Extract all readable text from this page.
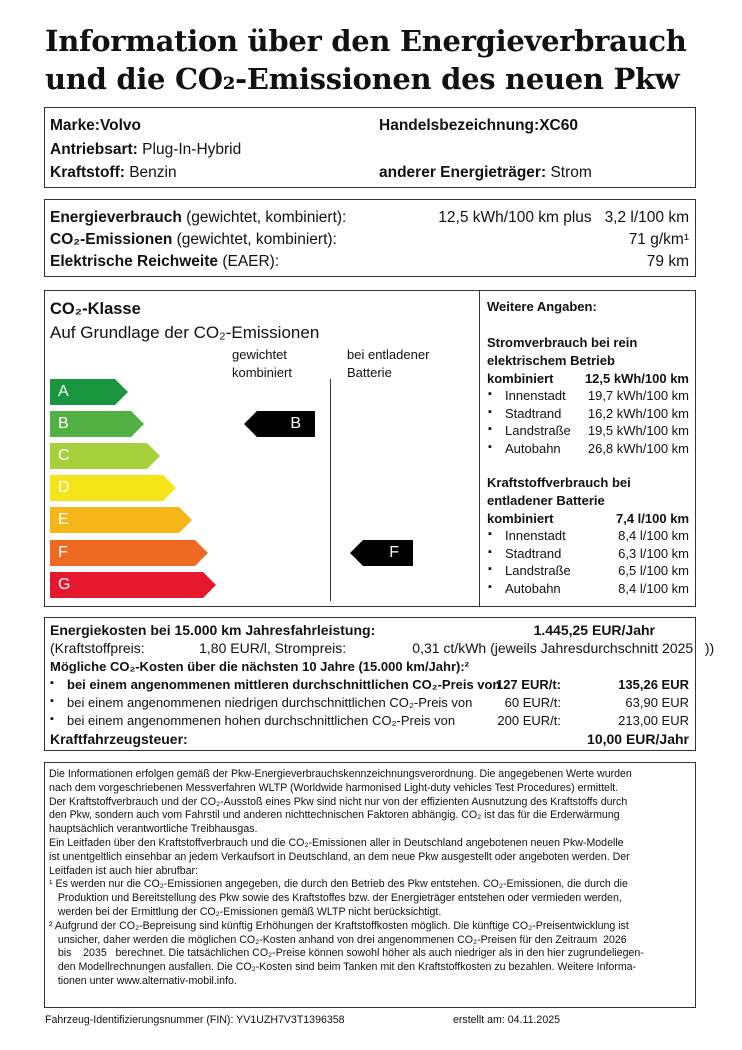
Information über den Energieverbrauch
und die CO₂-Emissionen des neuen Pkw
Marke:Volvo	Handelsbezeichnung:XC60
Antriebsart: Plug-In-Hybrid
Kraftstoff: Benzin	anderer Energieträger: Strom
Energieverbrauch (gewichtet, kombiniert):	12,5 kWh/100 km plus   3,2 l/100 km
CO₂-Emissionen (gewichtet, kombiniert):	71 g/km¹
Elektrische Reichweite (EAER):	79 km
CO₂-Klasse
Auf Grundlage der CO₂-Emissionen
gewichtet
kombiniert
bei entladener
Batterie
A
B
C
D
E
F
G
B
F
Weitere Angaben:
Stromverbrauch bei rein
elektrischem Betrieb
kombiniert 12,5 kWh/100 km
▪ Innenstadt 19,7 kWh/100 km
▪ Stadtrand 16,2 kWh/100 km
▪ Landstraße 19,5 kWh/100 km
▪ Autobahn 26,8 kWh/100 km
Kraftstoffverbrauch bei
entladener Batterie
kombiniert	7,4 l/100 km
▪ Innenstadt	8,4 l/100 km
▪ Stadtrand	6,3 l/100 km
▪ Landstraße	6,5 l/100 km
▪ Autobahn	8,4 l/100 km
Energiekosten bei 15.000 km Jahresfahrleistung:	1.445,25 EUR/Jahr
(Kraftstoffpreis:              1,80 EUR/l, Strompreis:                 0,31 ct/kWh (jeweils Jahresdurchschnitt 2025   ))
Mögliche CO₂-Kosten über die nächsten 10 Jahre (15.000 km/Jahr):²
▪ bei einem angenommenen mittleren durchschnittlichen CO₂-Preis von
127 EUR/t:	135,26 EUR
▪ bei einem angenommenen niedrigen durchschnittlichen CO₂-Preis von 60 EUR/t:	63,90 EUR
▪ bei einem angenommenen hohen durchschnittlichen CO₂-Preis von	200 EUR/t:	213,00 EUR
Kraftfahrzeugsteuer:	10,00 EUR/Jahr
Die Informationen erfolgen gemäß der Pkw-Energieverbrauchskennzeichnungsverordnung. Die angegebenen Werte wurden
nach dem vorgeschriebenen Messverfahren WLTP (Worldwide harmonised Light-duty vehicles Test Procedures) ermittelt.
Der Kraftstoffverbrauch und der CO₂-Ausstoß eines Pkw sind nicht nur von der effizienten Ausnutzung des Kraftstoffs durch
den Pkw, sondern auch vom Fahrstil und anderen nichttechnischen Faktoren abhängig. CO₂ ist das für die Erderwärmung
hauptsächlich verantwortliche Treibhausgas.
Ein Leitfaden über den Kraftstoffverbrauch und die CO₂-Emissionen aller in Deutschland angebotenen neuen Pkw-Modelle
ist unentgeltlich einsehbar an jedem Verkaufsort in Deutschland, an dem neue Pkw ausgestellt oder angeboten werden. Der
Leitfaden ist auch hier abrufbar:
¹ Es werden nur die CO₂-Emissionen angegeben, die durch den Betrieb des Pkw entstehen. CO₂-Emissionen, die durch die
Produktion und Bereitstellung des Pkw sowie des Kraftstoffes bzw. der Energieträger entstehen oder vermieden werden,
werden bei der Ermittlung der CO₂-Emissionen gemäß WLTP nicht berücksichtigt.
² Aufgrund der CO₂-Bepreisung sind künftig Erhöhungen der Kraftstoffkosten möglich. Die künftige CO₂-Preisentwicklung ist
unsicher, daher werden die möglichen CO₂-Kosten anhand von drei angenommenen CO₂-Preisen für den Zeitraum  2026
bis    2035   berechnet. Die tatsächlichen CO₂-Preise können sowohl höher als auch niedriger als in den hier zugrundeliegen-
den Modellrechnungen ausfallen. Die CO₂-Kosten sind beim Tanken mit den Kraftstoffkosten zu bezahlen. Weitere Informa-
tionen unter www.alternativ-mobil.info.
Fahrzeug-Identifizierungsnummer (FIN): YV1UZH7V3T1396358	erstellt am: 04.11.2025
